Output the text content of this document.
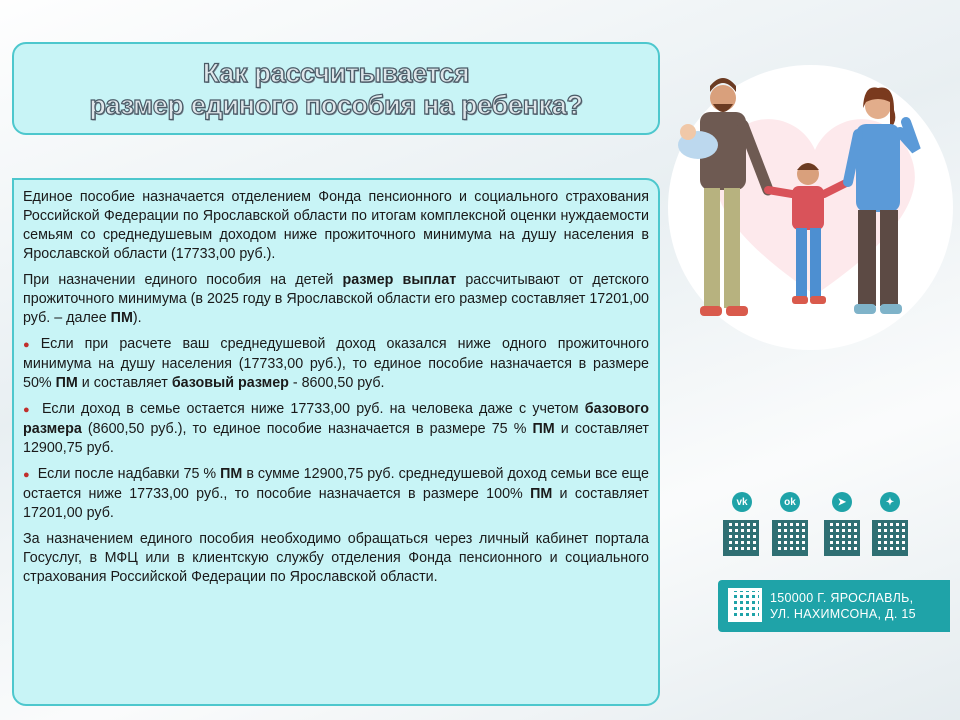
Как рассчитывается
размер единого пособия на ребенка?

Единое пособие назначается отделением Фонда пенсионного и социального страхования Российской Федерации по Ярославской области по итогам комплексной оценки нуждаемости семьям со среднедушевым доходом ниже прожиточного минимума на душу населения в Ярославской области (17733,00 руб.).

При назначении единого пособия на детей размер выплат рассчитывают от детского прожиточного минимума (в 2025 году в Ярославской области его размер составляет 17201,00 руб. – далее ПМ).

● Если при расчете ваш среднедушевой доход оказался ниже одного прожиточного минимума на душу населения (17733,00 руб.), то единое пособие назначается в размере 50% ПМ и составляет базовый размер - 8600,50 руб.

● Если доход в семье остается ниже 17733,00 руб. на человека даже с учетом базового размера (8600,50 руб.), то единое пособие назначается в размере 75 % ПМ и составляет 12900,75 руб.

● Если после надбавки 75 % ПМ в сумме 12900,75 руб. среднедушевой доход семьи все еще остается ниже 17733,00 руб., то пособие назначается в размере 100% ПМ и составляет 17201,00 руб.

За назначением единого пособия необходимо обращаться через личный кабинет портала Госуслуг, в МФЦ или в клиентскую службу отделения Фонда пенсионного и социального страхования Российской Федерации по Ярославской области.

vk	ok	➤	✦
150000 Г. ЯРОСЛАВЛЬ,
УЛ. НАХИМСОНА, Д. 15
